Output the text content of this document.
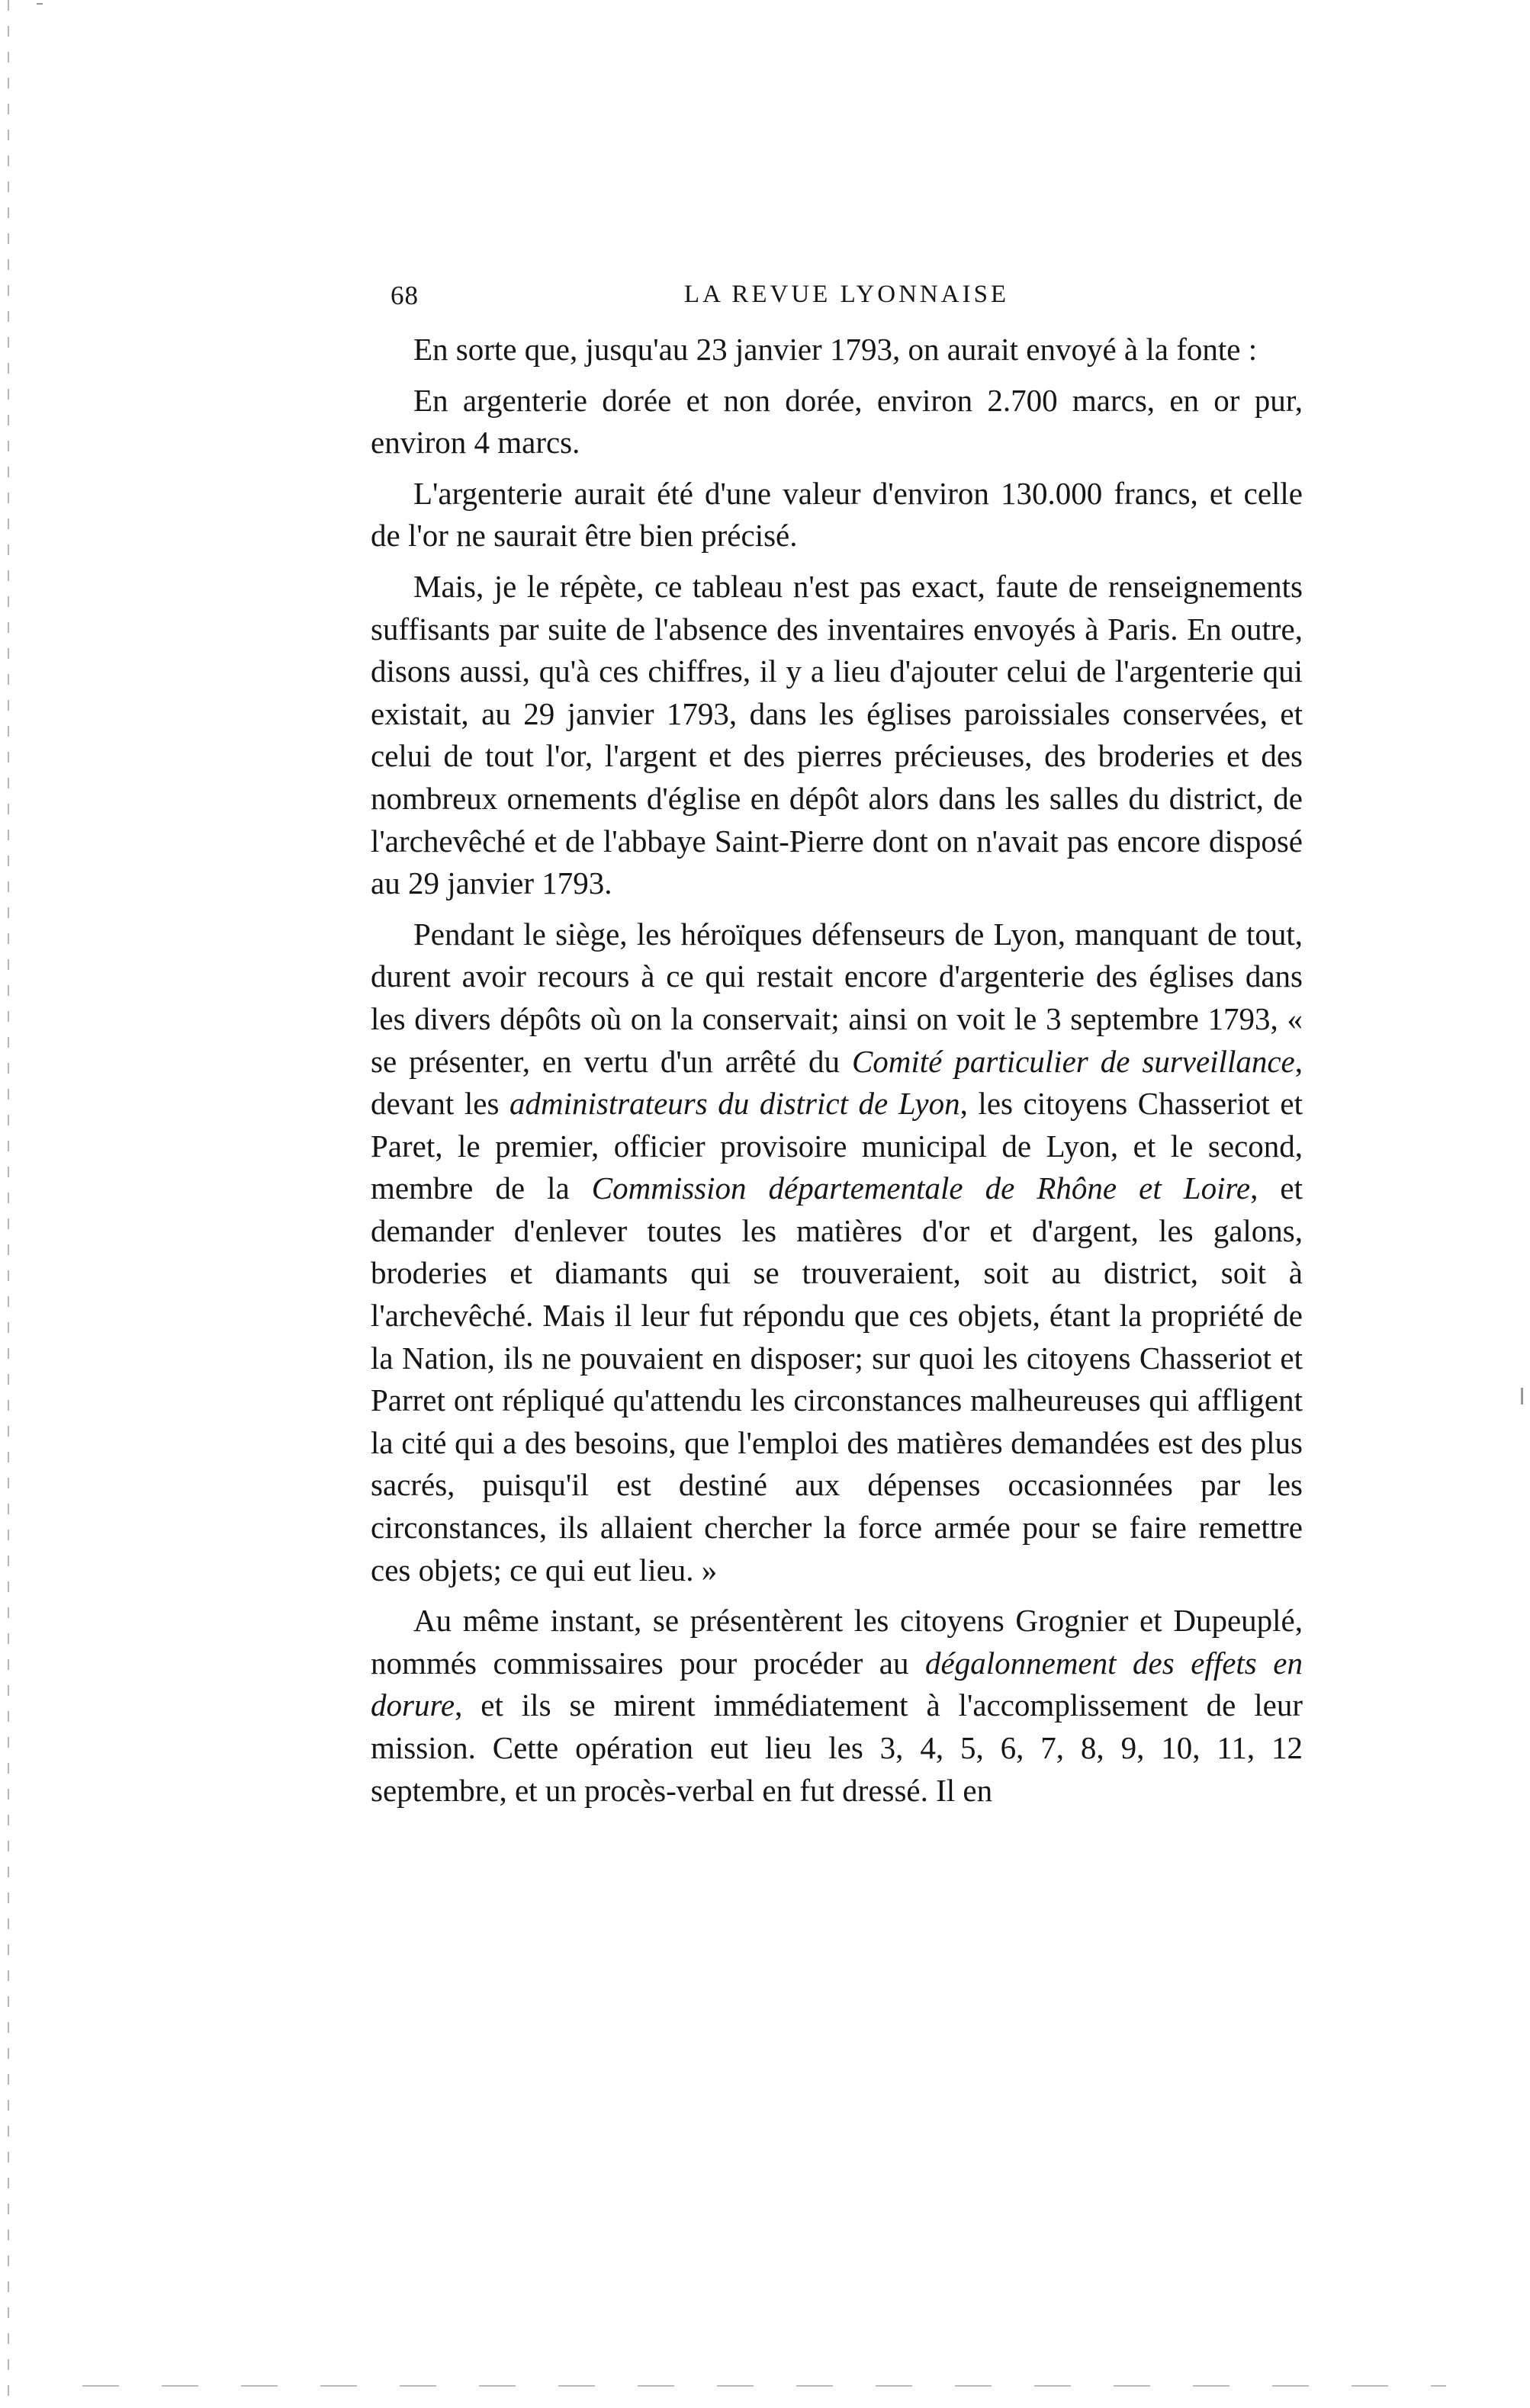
68	LA REVUE LYONNAISE

En sorte que, jusqu'au 23 janvier 1793, on aurait envoyé à la fonte :

En argenterie dorée et non dorée, environ 2.700 marcs, en or pur, environ 4 marcs.

L'argenterie aurait été d'une valeur d'environ 130.000 francs, et celle de l'or ne saurait être bien précisé.

Mais, je le répète, ce tableau n'est pas exact, faute de renseignements suffisants par suite de l'absence des inventaires envoyés à Paris. En outre, disons aussi, qu'à ces chiffres, il y a lieu d'ajouter celui de l'argenterie qui existait, au 29 janvier 1793, dans les églises paroissiales conservées, et celui de tout l'or, l'argent et des pierres précieuses, des broderies et des nombreux ornements d'église en dépôt alors dans les salles du district, de l'archevêché et de l'abbaye Saint-Pierre dont on n'avait pas encore disposé au 29 janvier 1793.

Pendant le siège, les héroïques défenseurs de Lyon, manquant de tout, durent avoir recours à ce qui restait encore d'argenterie des églises dans les divers dépôts où on la conservait; ainsi on voit le 3 septembre 1793, « se présenter, en vertu d'un arrêté du Comité particulier de surveillance, devant les administrateurs du district de Lyon, les citoyens Chasseriot et Paret, le premier, officier provisoire municipal de Lyon, et le second, membre de la Commission départementale de Rhône et Loire, et demander d'enlever toutes les matières d'or et d'argent, les galons, broderies et diamants qui se trouveraient, soit au district, soit à l'archevêché. Mais il leur fut répondu que ces objets, étant la propriété de la Nation, ils ne pouvaient en disposer; sur quoi les citoyens Chasseriot et Parret ont répliqué qu'attendu les circonstances malheureuses qui affligent la cité qui a des besoins, que l'emploi des matières demandées est des plus sacrés, puisqu'il est destiné aux dépenses occasionnées par les circonstances, ils allaient chercher la force armée pour se faire remettre ces objets; ce qui eut lieu. »

Au même instant, se présentèrent les citoyens Grognier et Dupeuplé, nommés commissaires pour procéder au dégalonnement des effets en dorure, et ils se mirent immédiatement à l'accomplissement de leur mission. Cette opération eut lieu les 3, 4, 5, 6, 7, 8, 9, 10, 11, 12 septembre, et un procès-verbal en fut dressé. Il en
